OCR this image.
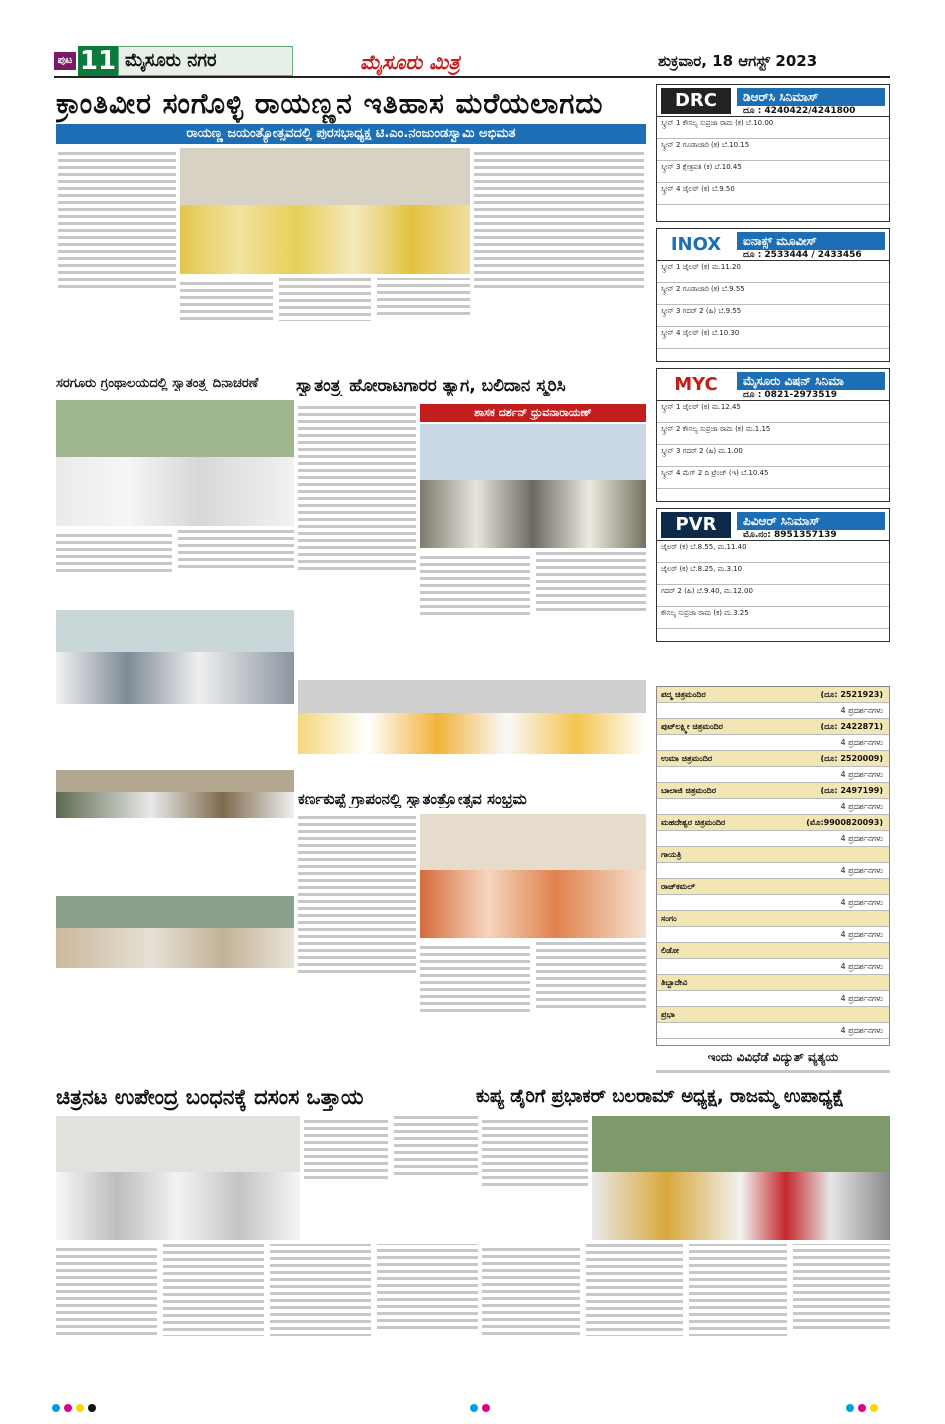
ಪುಟ 11 ಮೈಸೂರು ನಗರ	ಮೈಸೂರು ಮಿತ್ರ	ಶುಕ್ರವಾರ, 18 ಆಗಸ್ಟ್ 2023
ಕ್ರಾಂತಿವೀರ ಸಂಗೊಳ್ಳಿ ರಾಯಣ್ಣನ ಇತಿಹಾಸ ಮರೆಯಲಾಗದು
ರಾಯಣ್ಣ ಜಯಂತ್ಯೋತ್ಸವದಲ್ಲಿ ಪುರಸಭಾಧ್ಯಕ್ಷ ಟಿ.ಎಂ.ನಂಜುಂಡಸ್ವಾಮಿ ಅಭಿಮತ
ಸರಗೂರು ಗ್ರಂಥಾಲಯದಲ್ಲಿ ಸ್ವಾತಂತ್ರ್ಯ ದಿನಾಚರಣೆ	ಸ್ವಾತಂತ್ರ್ಯ ಹೋರಾಟಗಾರರ ತ್ಯಾಗ, ಬಲಿದಾನ ಸ್ಮರಿಸಿ
ಶಾಸಕ ದರ್ಶನ್ ಧ್ರುವನಾರಾಯಣ್
ಕರ್ಣಕುಪ್ಪೆ ಗ್ರಾಪಂನಲ್ಲಿ ಸ್ವಾತಂತ್ರ್ಯೋತ್ಸವ ಸಂಭ್ರಮ
DRC	ಡಿಆರ್‌ಸಿ ಸಿನಿಮಾಸ್
ದೂ : 4240422/4241800
ಸ್ಕ್ರೀನ್ 1 ಕೌಸಲ್ಯ ಸುಪ್ರಜಾ ರಾಮ (ಕ) ಬೆ.10.00
ಸ್ಕ್ರೀನ್ 2 ಗೂಡಾಚಾರಿ (ಕ) ಬೆ.10.15
ಸ್ಕ್ರೀನ್ 3 ಕ್ಷೇತ್ರಪತಿ (ಕ) ಬೆ.10.45
ಸ್ಕ್ರೀನ್ 4 ಜೈಲರ್ (ಕ) ಬೆ.9.50
INOX	ಐನಾಕ್ಸ್ ಮೂವೀಸ್
ದೂ : 2533444 / 2433456
ಸ್ಕ್ರೀನ್ 1 ಜೈಲರ್ (ಕ) ಮ.11.20
ಸ್ಕ್ರೀನ್ 2 ಗೂಡಾಚಾರಿ (ಕ) ಬೆ.9.55
ಸ್ಕ್ರೀನ್ 3 ಗದರ್ 2 (ಹಿ) ಬೆ.9.55
ಸ್ಕ್ರೀನ್ 4 ಜೈಲರ್ (ಕ) ಬೆ.10.30
MYC	ಮೈಸೂರು ವಿಷನ್ ಸಿನಿಮಾ
ದೂ : 0821-2973519
ಸ್ಕ್ರೀನ್ 1 ಜೈಲರ್ (ಕ) ಮ.12.45
ಸ್ಕ್ರೀನ್ 2 ಕೌಸಲ್ಯ ಸುಪ್ರಜಾ ರಾಮ (ಕ) ಮ.1.15
ಸ್ಕ್ರೀನ್ 3 ಗದರ್ 2 (ಹಿ) ಮ.1.00
ಸ್ಕ್ರೀನ್ 4 ಮೆಗ್ 2 ದಿ ಟ್ರೆಂಚ್ (ಇ) ಬೆ.10.45
PVR	ಪಿವಿಆರ್ ಸಿನಿಮಾಸ್
ಮೊ.ನಂ: 8951357139
ಜೈಲರ್ (ಕ) ಬೆ.8.55, ಮ.11.40
ಜೈಲರ್ (ಕ) ಬೆ.8.25, ಮ.3.10
ಗದರ್ 2 (ಹಿ) ಬೆ.9.40, ಮ.12.00
ಕೌಸಲ್ಯ ಸುಪ್ರಜಾ ರಾಮ (ಕ) ಮ.3.25
ಪದ್ಮ ಚಿತ್ರಮಂದಿರ	(ದೂ: 2521923)
4 ಪ್ರದರ್ಶನಗಳು
ಪುಟ್‌ಲಕ್ಷ್ಮೀ ಚಿತ್ರಮಂದಿರ	(ದೂ: 2422871)
4 ಪ್ರದರ್ಶನಗಳು
ಉಮಾ ಚಿತ್ರಮಂದಿರ	(ದೂ: 2520009)
4 ಪ್ರದರ್ಶನಗಳು
ಬಾಲಾಜಿ ಚಿತ್ರಮಂದಿರ	(ದೂ: 2497199)
4 ಪ್ರದರ್ಶನಗಳು
ಮಹದೇಶ್ವರ ಚಿತ್ರಮಂದಿರ	(ಮೊ:9900820093)
4 ಪ್ರದರ್ಶನಗಳು
ಗಾಯತ್ರಿ
4 ಪ್ರದರ್ಶನಗಳು
ರಾಜ್‌ಕಮಲ್
4 ಪ್ರದರ್ಶನಗಳು
ಸಂಗಂ
4 ಪ್ರದರ್ಶನಗಳು
ಲಿಡೋ
4 ಪ್ರದರ್ಶನಗಳು
ತಿಬ್ಬಾದೇವಿ
4 ಪ್ರದರ್ಶನಗಳು
ಪ್ರಭಾ
4 ಪ್ರದರ್ಶನಗಳು
ಇಂದು ವಿವಿಧೆಡೆ ವಿದ್ಯುತ್ ವ್ಯತ್ಯಯ
ಚಿತ್ರನಟ ಉಪೇಂದ್ರ ಬಂಧನಕ್ಕೆ ದಸಂಸ ಒತ್ತಾಯ	ಕುಪ್ಯ ಡೈರಿಗೆ ಪ್ರಭಾಕರ್ ಬಲರಾಮ್ ಅಧ್ಯಕ್ಷ, ರಾಜಮ್ಮ ಉಪಾಧ್ಯಕ್ಷೆ
